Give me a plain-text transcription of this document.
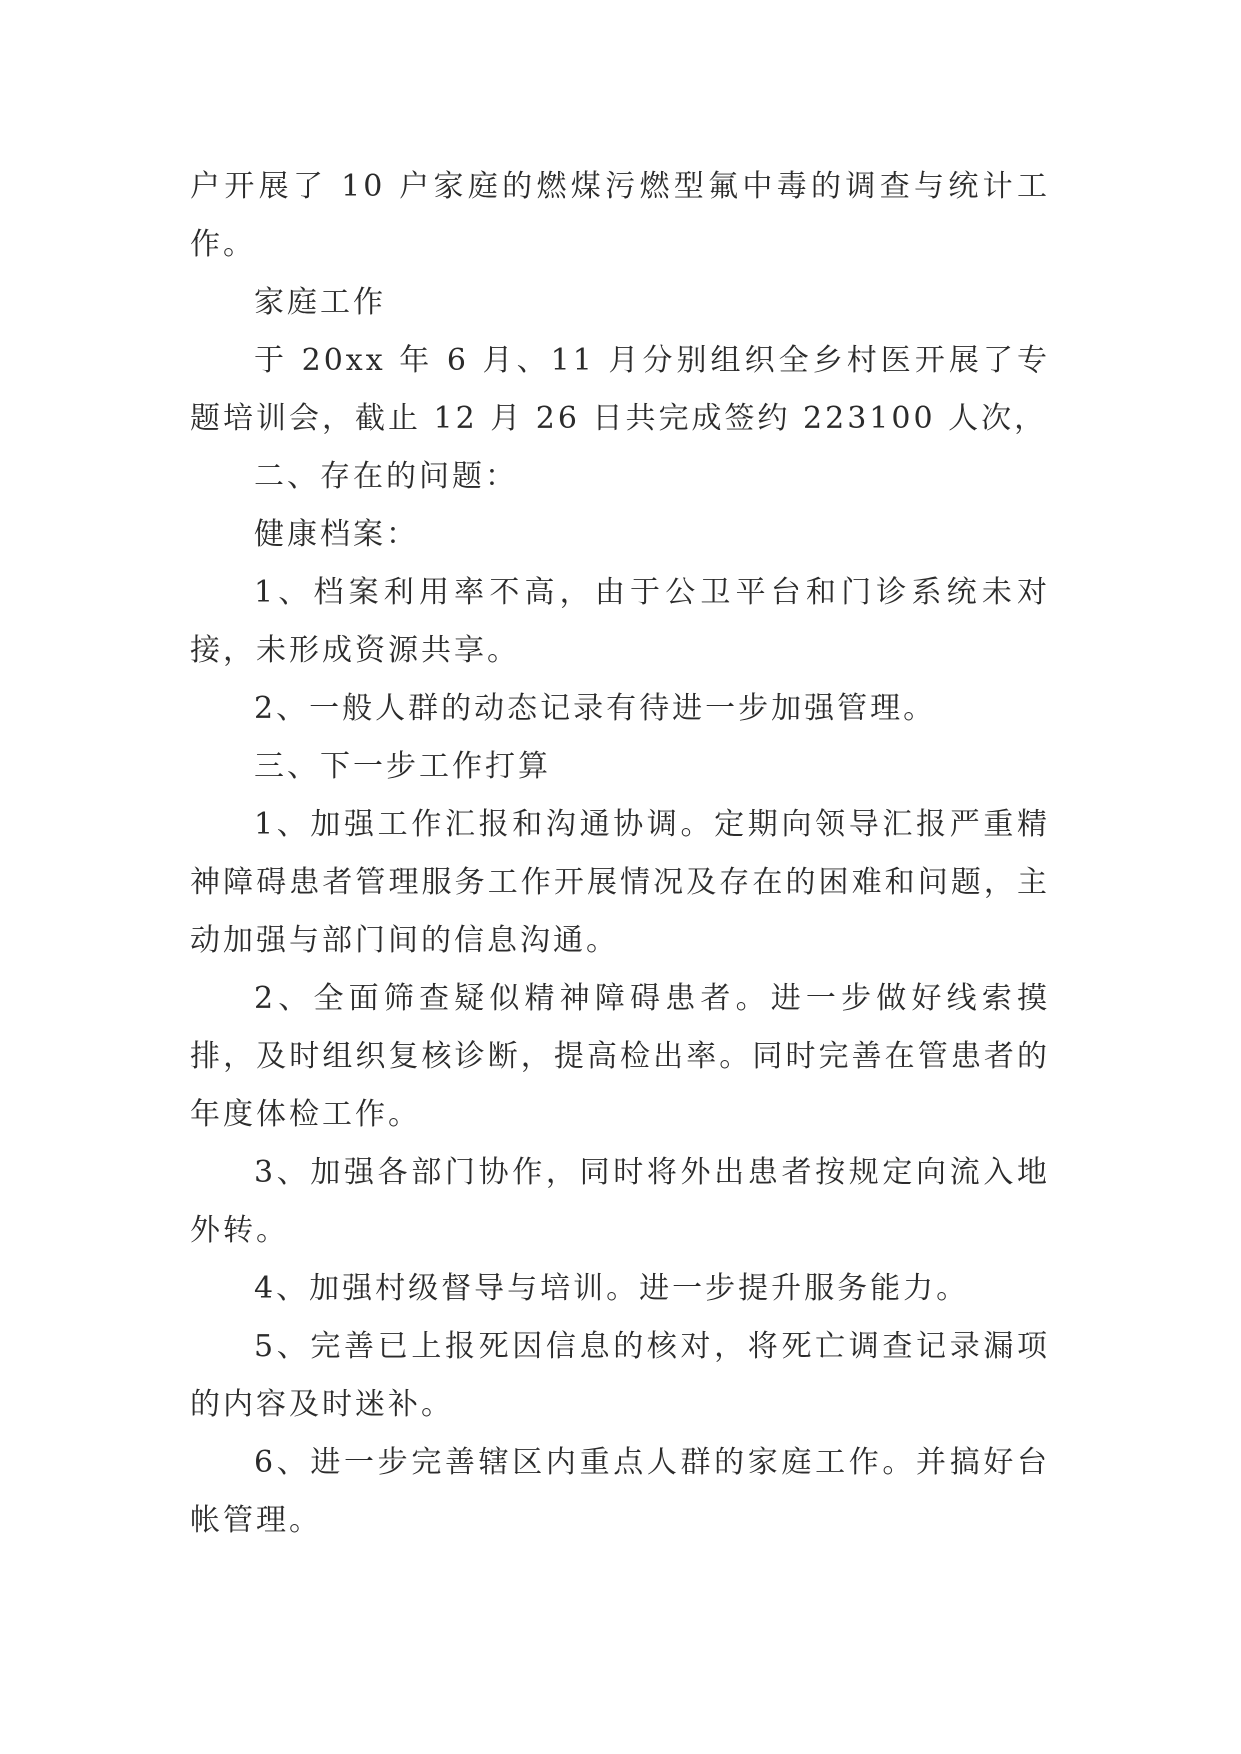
户开展了 10 户家庭的燃煤污燃型氟中毒的调查与统计工作。

家庭工作

于 20xx 年 6 月、11 月分别组织全乡村医开展了专题培训会，截止 12 月 26 日共完成签约 223100 人次，

二、存在的问题：

健康档案：

1、档案利用率不高，由于公卫平台和门诊系统未对接，未形成资源共享。

2、一般人群的动态记录有待进一步加强管理。

三、下一步工作打算

1、加强工作汇报和沟通协调。定期向领导汇报严重精神障碍患者管理服务工作开展情况及存在的困难和问题，主动加强与部门间的信息沟通。

2、全面筛查疑似精神障碍患者。进一步做好线索摸排，及时组织复核诊断，提高检出率。同时完善在管患者的年度体检工作。

3、加强各部门协作，同时将外出患者按规定向流入地外转。

4、加强村级督导与培训。进一步提升服务能力。

5、完善已上报死因信息的核对，将死亡调查记录漏项的内容及时迷补。

6、进一步完善辖区内重点人群的家庭工作。并搞好台帐管理。
